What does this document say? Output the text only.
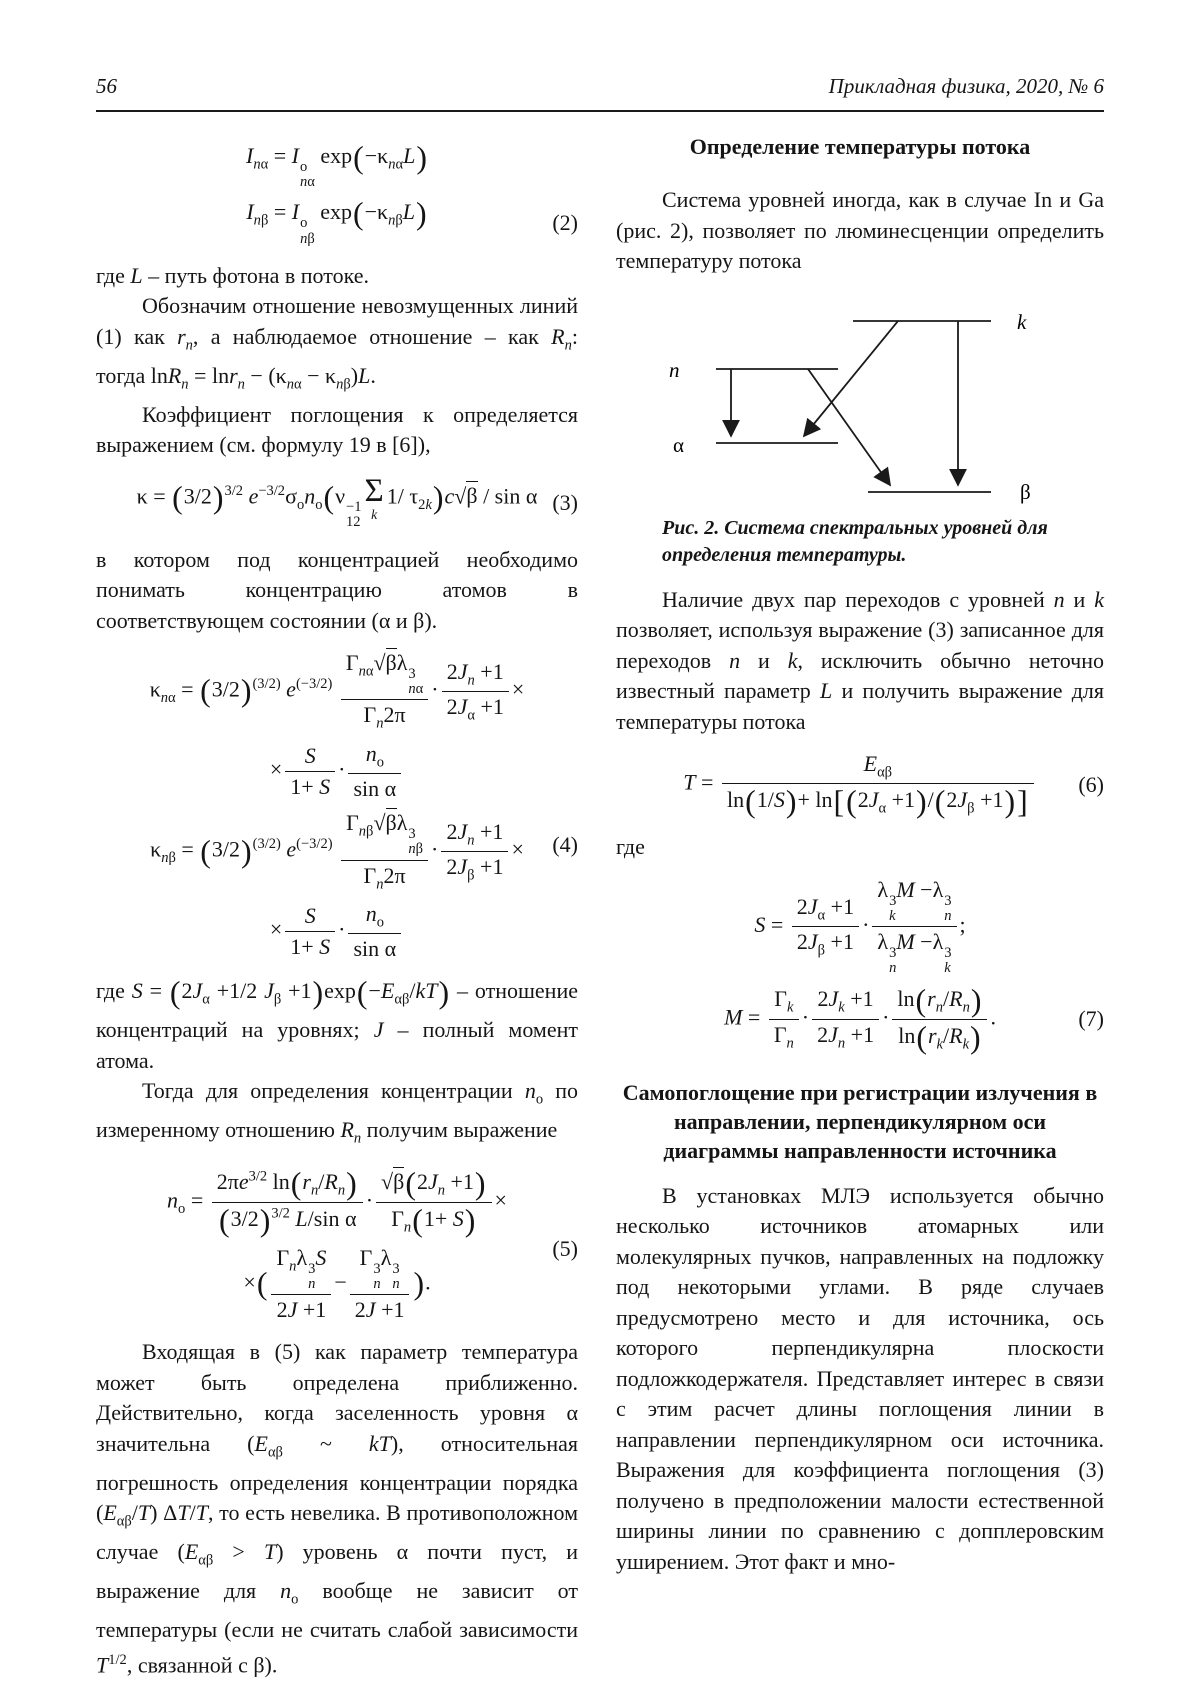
56	Прикладная физика, 2020, № 6
$I_{n\alpha} = I$ o
nα
$\exp(-\kappa_{n\alpha}L)$
$I_{n\beta} = I$ o
nβ
$\exp(-\kappa_{n\beta}L)$	(2)

где L – путь фотона в потоке.

Обозначим отношение невозмущенных линий (1) как $r_n$, а наблюдаемое отношение – как $R_n$: тогда $\ln R_n = \ln r_n - (\kappa_{n\alpha} - \kappa_{n\beta})L$.

Коэффициент поглощения к определяется выражением (см. формулу 19 в [6]),

$\kappa = (3/2)^{3/2}$ $e^{-3/2}\sigma_on_o(\nu -1$
12
Σ
k
1/ $\tau_{2k})c√\beta$ / sin α (3)

в котором под концентрацией необходимо понимать концентрацию атомов в соответствующем состоянии (α и β).

$\kappa_{n\alpha} = (3/2)^{(3/2)}$ $e^{(-3/2)}$
$\Gamma_{n\alpha}√\beta\lambda$ 3
nα
$\Gamma_n2\pi$
· $\frac{2J_n +1}{2J_\alpha +1}$ ×
× $\frac{S}{1+ S} \cdot \frac{n_o}{\text{sin α}}$
$\kappa_{n\beta} = (3/2)^{(3/2)}$ $e^{(-3/2)}$
$\Gamma_{n\beta}√\beta\lambda$ 3
nβ
$\Gamma_n2\pi$
· $\frac{2J_n +1}{2J_\beta +1}$ ×
× $\frac{S}{1+ S} \cdot \frac{n_o}{\text{sin α}}$
(4)

где $S = (2J_\alpha +1/2$ $J_\beta +1)\exp(-E_{\alpha\beta}/kT)$ – отношение концентраций на уровнях; J – полный момент атома.

Тогда для определения концентрации $n_o$ по измеренному отношению $R_n$ получим выражение

$n_o = \frac{2\pi e^{3/2} \ln(r_n/R_n)}{(3/2)^{3/2} L/\sin \alpha} \cdot \frac{√\beta(2J_n +1)}{\Gamma_n(1+ S)}$ ×
×(
$\Gamma_n\lambda$ 3
n
S
2J +1
− Γ 3
n
λ 3
n
2J +1 ).
(5)

Входящая в (5) как параметр температура может быть определена приближенно. Действительно, когда заселенность уровня α значительна ($E_{\alpha\beta}$ ~ kT), относительная погрешность определения концентрации порядка $(E_{\alpha\beta}/T)$ ΔT/T, то есть невелика. В противоположном случае $(E_{\alpha\beta} > T)$ уровень α почти пуст, и выражение для $n_o$ вообще не зависит от температуры (если не считать слабой зависимости $T^{1/2}$, связанной с β).

Определение температуры потока

Система уровней иногда, как в случае In и Ga (рис. 2), позволяет по люминесценции определить температуру потока

n
k
α
β
Рис. 2. Система спектральных уровней для определения температуры.

Наличие двух пар переходов с уровней n и k позволяет, используя выражение (3) записанное для переходов n и k, исключить обычно неточно известный параметр L и получить выражение для температуры потока

T =
$E_{\alpha\beta}$
$\ln(1/S)+ \ln[(2J_\alpha +1)/(2J_\beta +1)]$
(6)

где

$S = \frac{2J_\alpha +1}{2J_\beta +1} \cdot \lambda$ 3
k
M −λ 3
n
λ 3
n
M −λ 3
k ;
$M = \frac{\Gamma_k}{\Gamma_n} \cdot \frac{2J_k +1}{2J_n +1} \cdot \frac{\ln(r_n/R_n)}{\ln(r_k/R_k)}$ .	(7)
Самопоглощение при регистрации излучения в направлении, перпендикулярном оси диаграммы направленности источника

В установках МЛЭ используется обычно несколько источников атомарных или молекулярных пучков, направленных на подложку под некоторыми углами. В ряде случаев предусмотрено место и для источника, ось которого перпендикулярна плоскости подложкодержателя. Представляет интерес в связи с этим расчет длины поглощения линии в направлении перпендикулярном оси источника. Выражения для коэффициента поглощения (3) получено в предположении малости естественной ширины линии по сравнению с допплеровским уширением. Этот факт и мно-
